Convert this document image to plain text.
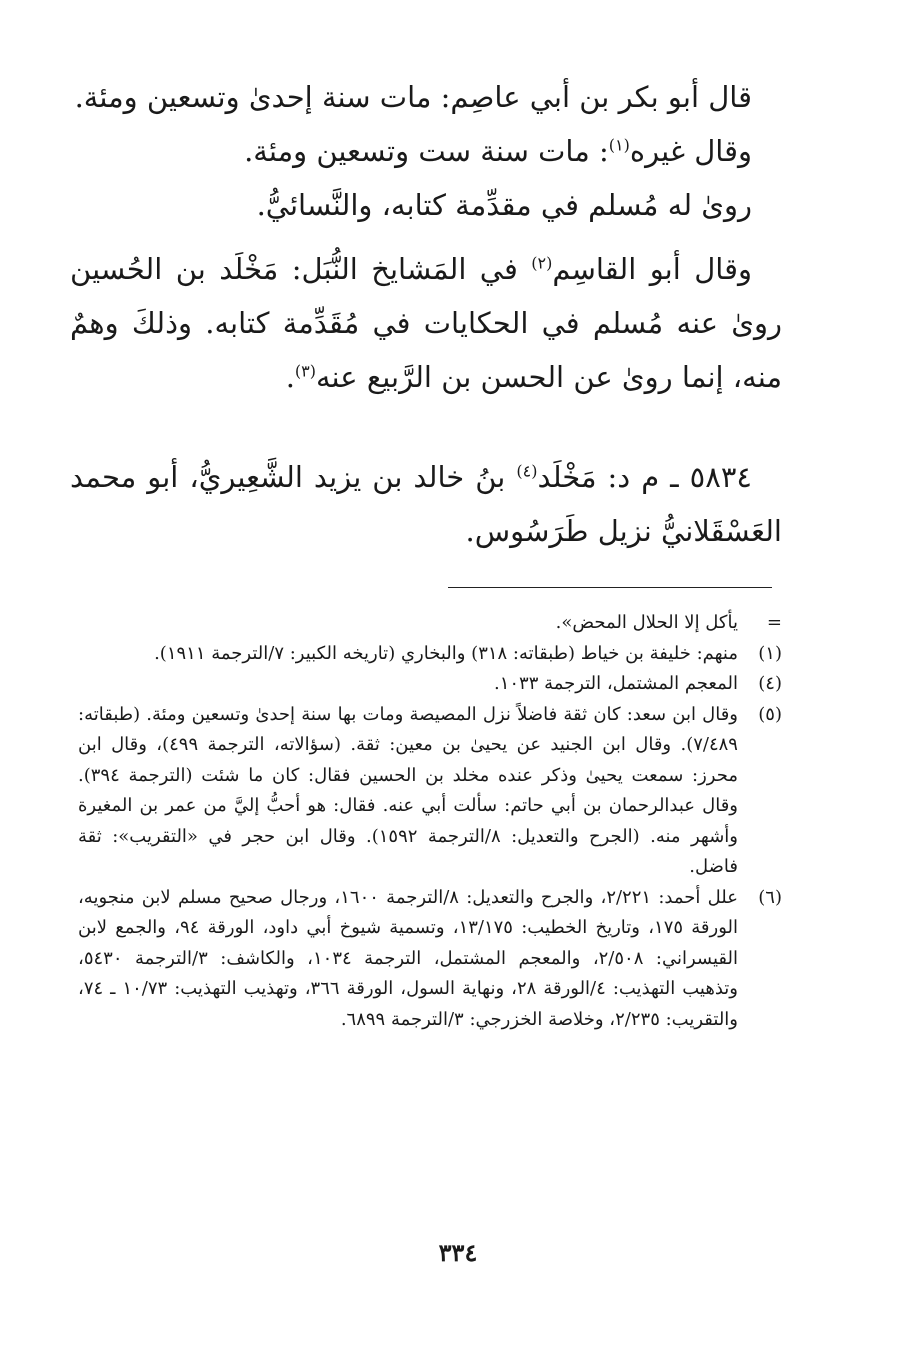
قال أبو بكر بن أبي عاصِم: مات سنة إحدىٰ وتسعين ومئة.

وقال غيره$^{(١)}$: مات سنة ست وتسعين ومئة.

روىٰ له مُسلم في مقدِّمة كتابه، والنَّسائيُّ.

وقال أبو القاسِم$^{(٢)}$ في المَشايخ النُّبَل: مَخْلَد بن الحُسين روىٰ عنه مُسلم في الحكايات في مُقَدِّمة كتابه. وذلكَ وهمٌ منه، إنما روىٰ عن الحسن بن الرَّبيع عنه$^{(٣)}$.

٥٨٣٤ ـ م د: مَخْلَد$^{(٤)}$ بنُ خالد بن يزيد الشَّعِيريُّ، أبو محمد العَسْقَلانيُّ نزيل طَرَسُوس.

=
يأكل إلا الحلال المحض».
(١)
منهم: خليفة بن خياط (طبقاته: ٣١٨) والبخاري (تاريخه الكبير: ٧/الترجمة ١٩١١).
(٤)
المعجم المشتمل، الترجمة ١٠٣٣.
(٥)
وقال ابن سعد: كان ثقة فاضلاً نزل المصيصة ومات بها سنة إحدىٰ وتسعين ومئة. (طبقاته: ٧/٤٨٩). وقال ابن الجنيد عن يحيىٰ بن معين: ثقة. (سؤالاته، الترجمة ٤٩٩)، وقال ابن محرز: سمعت يحيىٰ وذكر عنده مخلد بن الحسين فقال: كان ما شئت (الترجمة ٣٩٤). وقال عبدالرحمان بن أبي حاتم: سألت أبي عنه. فقال: هو أحبُّ إليَّ من عمر بن المغيرة وأشهر منه. (الجرح والتعديل: ٨/الترجمة ١٥٩٢). وقال ابن حجر في «التقريب»: ثقة فاضل.
(٦)
علل أحمد: ٢/٢٢١، والجرح والتعديل: ٨/الترجمة ١٦٠٠، ورجال صحيح مسلم لابن منجويه، الورقة ١٧٥، وتاريخ الخطيب: ١٣/١٧٥، وتسمية شيوخ أبي داود، الورقة ٩٤، والجمع لابن القيسراني: ٢/٥٠٨، والمعجم المشتمل، الترجمة ١٠٣٤، والكاشف: ٣/الترجمة ٥٤٣٠، وتذهيب التهذيب: ٤/الورقة ٢٨، ونهاية السول، الورقة ٣٦٦، وتهذيب التهذيب: ١٠/٧٣ ـ ٧٤، والتقريب: ٢/٢٣٥، وخلاصة الخزرجي: ٣/الترجمة ٦٨٩٩.
٣٣٤
